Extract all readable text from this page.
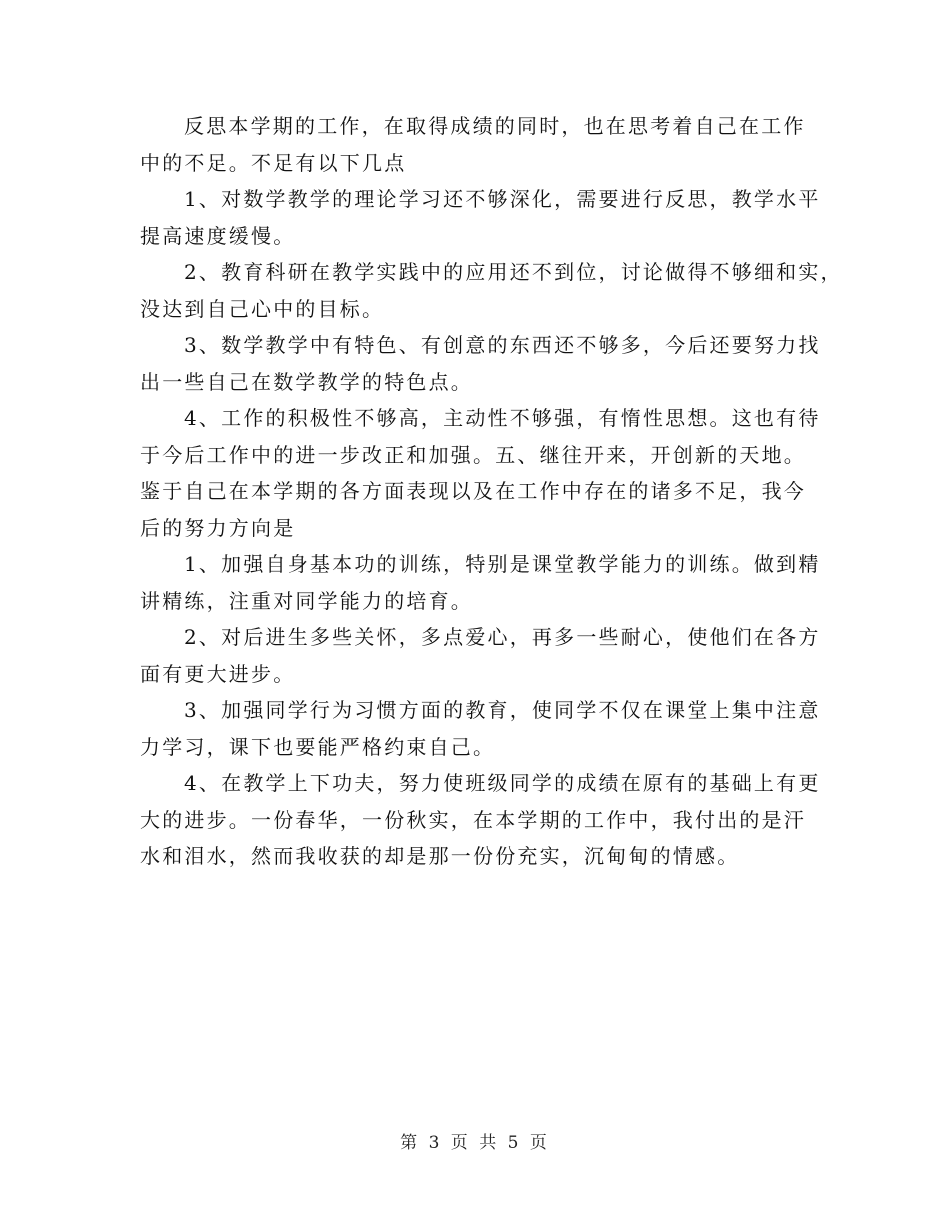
反思本学期的工作，在取得成绩的同时，也在思考着自己在工作
中的不足。不足有以下几点
1、对数学教学的理论学习还不够深化，需要进行反思，教学水平
提高速度缓慢。
2、教育科研在教学实践中的应用还不到位，讨论做得不够细和实，
没达到自己心中的目标。
3、数学教学中有特色、有创意的东西还不够多，今后还要努力找
出一些自己在数学教学的特色点。
4、工作的积极性不够高，主动性不够强，有惰性思想。这也有待
于今后工作中的进一步改正和加强。五、继往开来，开创新的天地。
鉴于自己在本学期的各方面表现以及在工作中存在的诸多不足，我今
后的努力方向是
1、加强自身基本功的训练，特别是课堂教学能力的训练。做到精
讲精练，注重对同学能力的培育。
2、对后进生多些关怀，多点爱心，再多一些耐心，使他们在各方
面有更大进步。
3、加强同学行为习惯方面的教育，使同学不仅在课堂上集中注意
力学习，课下也要能严格约束自己。
4、在教学上下功夫，努力使班级同学的成绩在原有的基础上有更
大的进步。一份春华，一份秋实，在本学期的工作中，我付出的是汗
水和泪水，然而我收获的却是那一份份充实，沉甸甸的情感。
第 3 页 共 5 页
